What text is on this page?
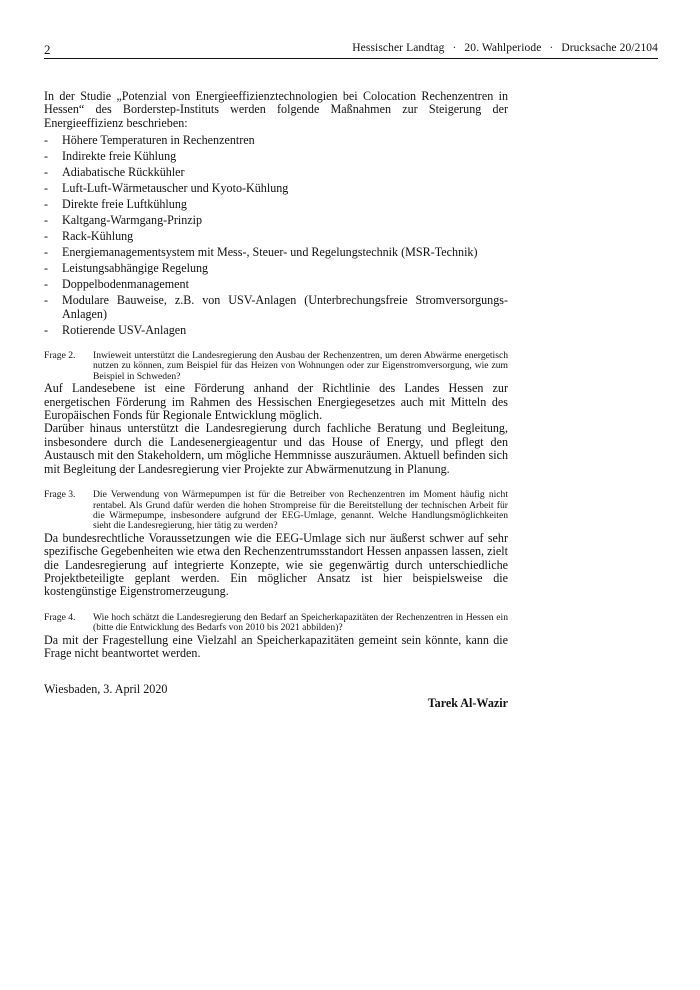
2	Hessischer Landtag · 20. Wahlperiode · Drucksache 20/2104

In der Studie „Potenzial von Energieeffizienztechnologien bei Colocation Rechenzentren in Hessen“ des Borderstep-Instituts werden folgende Maßnahmen zur Steigerung der Energieeffizienz beschrieben:

- Höhere Temperaturen in Rechenzentren
- Indirekte freie Kühlung
- Adiabatische Rückkühler
- Luft-Luft-Wärmetauscher und Kyoto-Kühlung
- Direkte freie Luftkühlung
- Kaltgang-Warmgang-Prinzip
- Rack-Kühlung
- Energiemanagementsystem mit Mess-, Steuer- und Regelungstechnik (MSR-Technik)
- Leistungsabhängige Regelung
- Doppelbodenmanagement
- Modulare Bauweise, z.B. von USV-Anlagen (Unterbrechungsfreie Stromversorgungs-Anlagen)
- Rotierende USV-Anlagen
Frage 2.	Inwieweit unterstützt die Landesregierung den Ausbau der Rechenzentren, um deren Abwärme energetisch nutzen zu können, zum Beispiel für das Heizen von Wohnungen oder zur Eigenstromversorgung, wie zum Beispiel in Schweden?

Auf Landesebene ist eine Förderung anhand der Richtlinie des Landes Hessen zur energetischen Förderung im Rahmen des Hessischen Energiegesetzes auch mit Mitteln des Europäischen Fonds für Regionale Entwicklung möglich.

Darüber hinaus unterstützt die Landesregierung durch fachliche Beratung und Begleitung, insbesondere durch die Landesenergieagentur und das House of Energy, und pflegt den Austausch mit den Stakeholdern, um mögliche Hemmnisse auszuräumen. Aktuell befinden sich mit Begleitung der Landesregierung vier Projekte zur Abwärmenutzung in Planung.

Frage 3.	Die Verwendung von Wärmepumpen ist für die Betreiber von Rechenzentren im Moment häufig nicht rentabel. Als Grund dafür werden die hohen Strompreise für die Bereitstellung der technischen Arbeit für die Wärmepumpe, insbesondere aufgrund der EEG-Umlage, genannt. Welche Handlungsmöglichkeiten sieht die Landesregierung, hier tätig zu werden?

Da bundesrechtliche Voraussetzungen wie die EEG-Umlage sich nur äußerst schwer auf sehr spezifische Gegebenheiten wie etwa den Rechenzentrumsstandort Hessen anpassen lassen, zielt die Landesregierung auf integrierte Konzepte, wie sie gegenwärtig durch unterschiedliche Projektbeteiligte geplant werden. Ein möglicher Ansatz ist hier beispielsweise die kostengünstige Eigenstromerzeugung.

Frage 4.	Wie hoch schätzt die Landesregierung den Bedarf an Speicherkapazitäten der Rechenzentren in Hessen ein (bitte die Entwicklung des Bedarfs von 2010 bis 2021 abbilden)?

Da mit der Fragestellung eine Vielzahl an Speicherkapazitäten gemeint sein könnte, kann die Frage nicht beantwortet werden.

Wiesbaden, 3. April 2020
Tarek Al-Wazir
